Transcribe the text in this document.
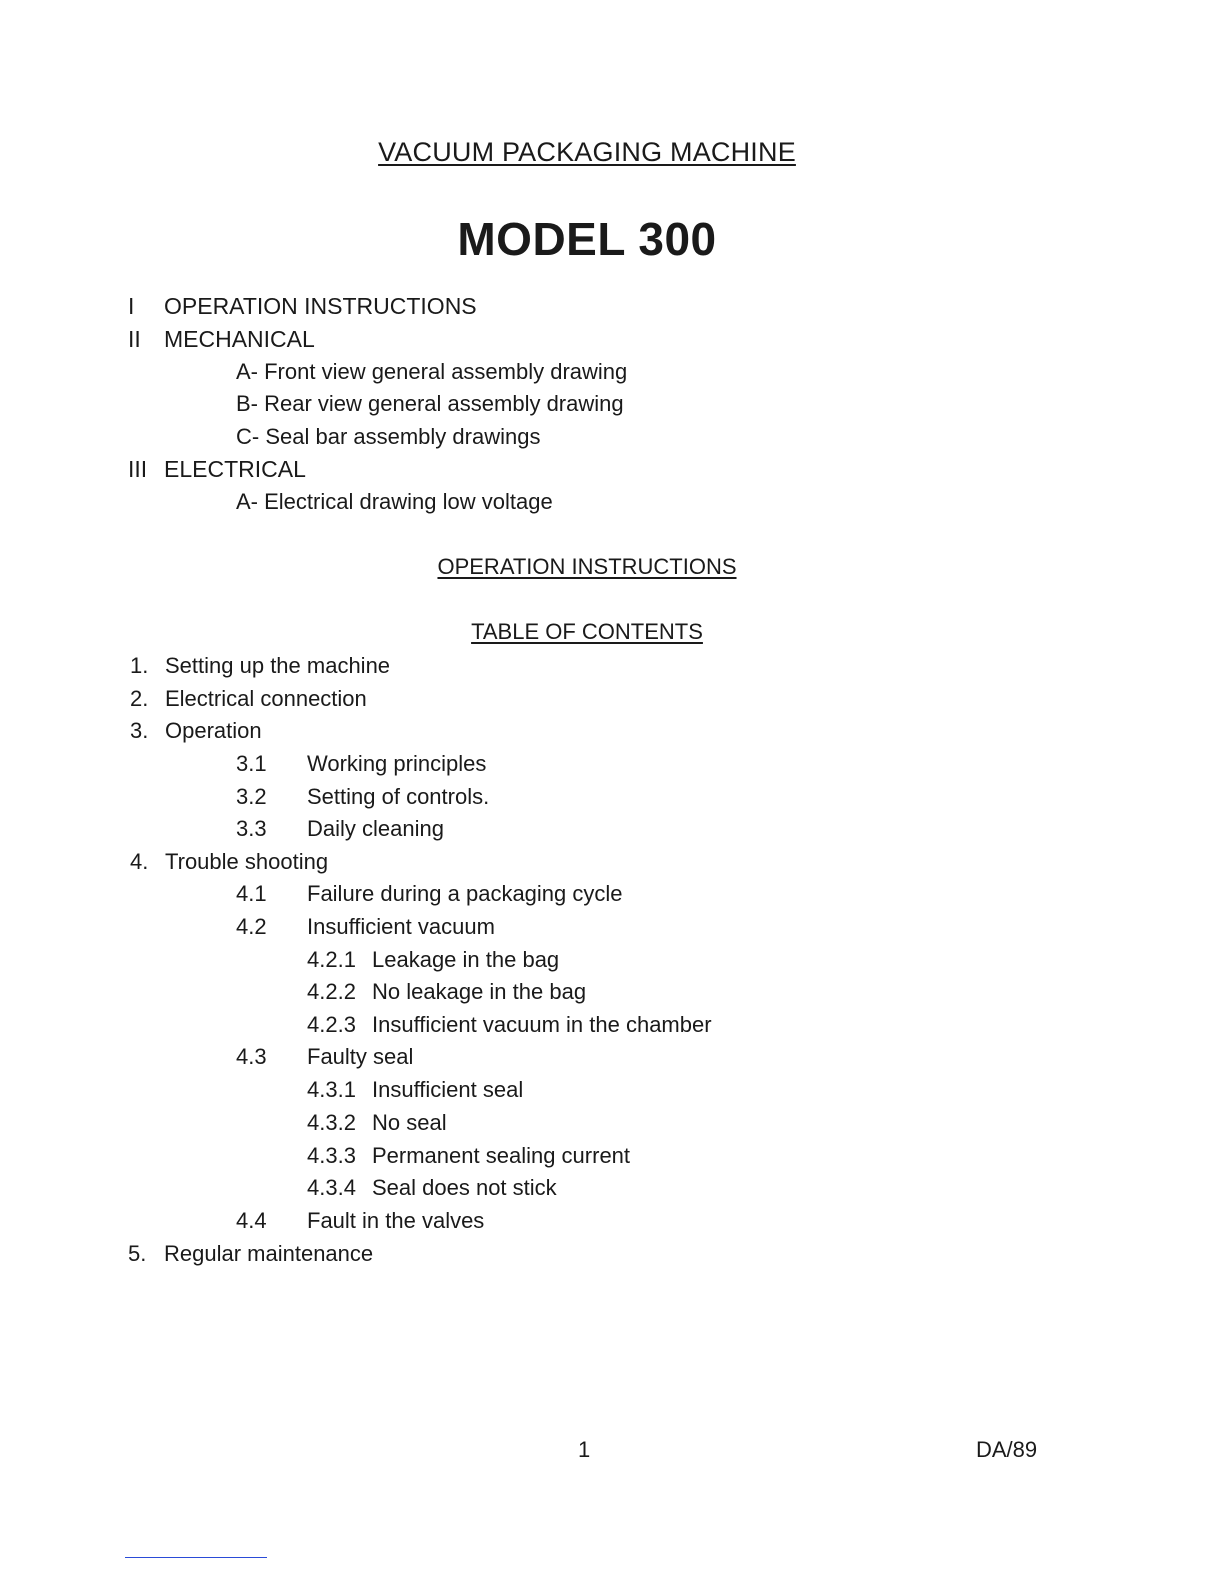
VACUUM PACKAGING MACHINE
MODEL 300
I OPERATION INSTRUCTIONS
II MECHANICAL
A- Front view general assembly drawing
B- Rear view general assembly drawing
C- Seal bar assembly drawings
III ELECTRICAL
A- Electrical drawing low voltage
OPERATION INSTRUCTIONS
TABLE OF CONTENTS
1. Setting up the machine
2. Electrical connection
3. Operation
3.1 Working principles
3.2 Setting of controls.
3.3 Daily cleaning
4. Trouble shooting
4.1 Failure during a packaging cycle
4.2 Insufficient vacuum
4.2.1 Leakage in the bag
4.2.2 No leakage in the bag
4.2.3 Insufficient vacuum in the chamber
4.3 Faulty seal
4.3.1 Insufficient seal
4.3.2 No seal
4.3.3 Permanent sealing current
4.3.4 Seal does not stick
4.4 Fault in the valves
5. Regular maintenance
1	DA/89
